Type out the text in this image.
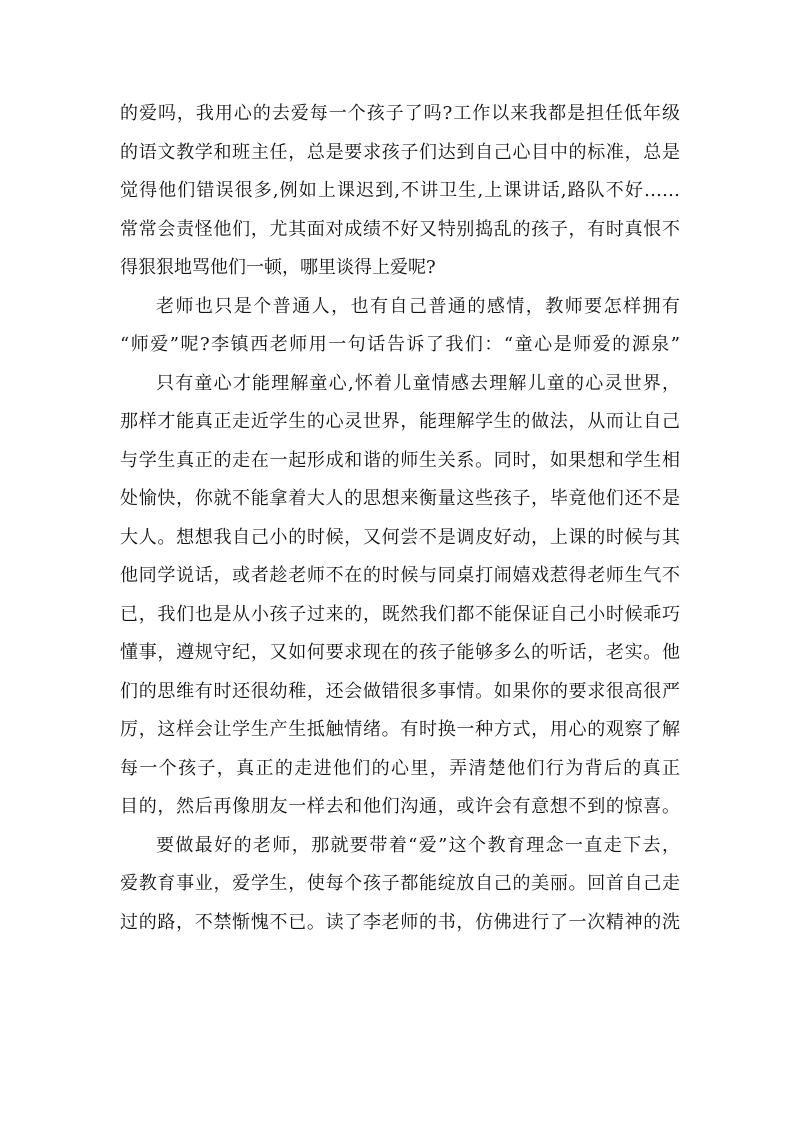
的爱吗，我用心的去爱每一个孩子了吗?工作以来我都是担任低年级
的语文教学和班主任，总是要求孩子们达到自己心目中的标准，总是
觉得他们错误很多,例如上课迟到,不讲卫生,上课讲话,路队不好……
常常会责怪他们，尤其面对成绩不好又特别捣乱的孩子，有时真恨不
得狠狠地骂他们一顿，哪里谈得上爱呢?
老师也只是个普通人，也有自己普通的感情，教师要怎样拥有
“师爱”呢?李镇西老师用一句话告诉了我们：“童心是师爱的源泉”
只有童心才能理解童心,怀着儿童情感去理解儿童的心灵世界，
那样才能真正走近学生的心灵世界，能理解学生的做法，从而让自己
与学生真正的走在一起形成和谐的师生关系。同时，如果想和学生相
处愉快，你就不能拿着大人的思想来衡量这些孩子，毕竟他们还不是
大人。想想我自己小的时候，又何尝不是调皮好动，上课的时候与其
他同学说话，或者趁老师不在的时候与同桌打闹嬉戏惹得老师生气不
已，我们也是从小孩子过来的，既然我们都不能保证自己小时候乖巧
懂事，遵规守纪，又如何要求现在的孩子能够多么的听话，老实。他
们的思维有时还很幼稚，还会做错很多事情。如果你的要求很高很严
厉，这样会让学生产生抵触情绪。有时换一种方式，用心的观察了解
每一个孩子，真正的走进他们的心里，弄清楚他们行为背后的真正
目的，然后再像朋友一样去和他们沟通，或许会有意想不到的惊喜。
要做最好的老师，那就要带着“爱”这个教育理念一直走下去，
爱教育事业，爱学生，使每个孩子都能绽放自己的美丽。回首自己走
过的路，不禁惭愧不已。读了李老师的书，仿佛进行了一次精神的洗
